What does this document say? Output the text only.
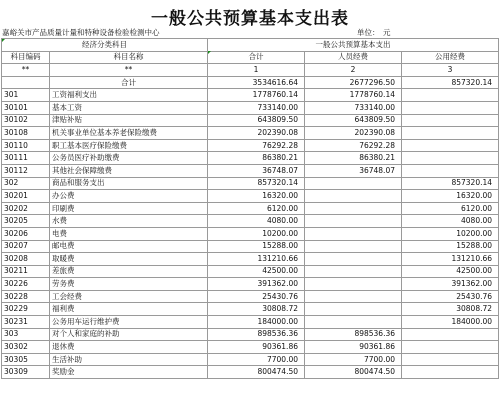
一般公共预算基本支出表
嘉峪关市产品质量计量和特种设备检验检测中心	单位： 元
经济分类科目		一般公共预算基本支出		
科目编码	科目名称	合计	人员经费	公用经费
**	**	1	2	3
	合计	3534616.64	2677296.50	857320.14
301	工资福利支出	1778760.14	1778760.14	
30101	基本工资	733140.00	733140.00	
30102	津贴补贴	643809.50	643809.50	
30108	机关事业单位基本养老保险缴费	202390.08	202390.08	
30110	职工基本医疗保险缴费	76292.28	76292.28	
30111	公务员医疗补助缴费	86380.21	86380.21	
30112	其他社会保障缴费	36748.07	36748.07	
302	商品和服务支出	857320.14		857320.14
30201	办公费	16320.00		16320.00
30202	印刷费	6120.00		6120.00
30205	水费	4080.00		4080.00
30206	电费	10200.00		10200.00
30207	邮电费	15288.00		15288.00
30208	取暖费	131210.66		131210.66
30211	差旅费	42500.00		42500.00
30226	劳务费	391362.00		391362.00
30228	工会经费	25430.76		25430.76
30229	福利费	30808.72		30808.72
30231	公务用车运行维护费	184000.00		184000.00
303	对个人和家庭的补助	898536.36	898536.36	
30302	退休费	90361.86	90361.86	
30305	生活补助	7700.00	7700.00	
30309	奖励金	800474.50	800474.50	
